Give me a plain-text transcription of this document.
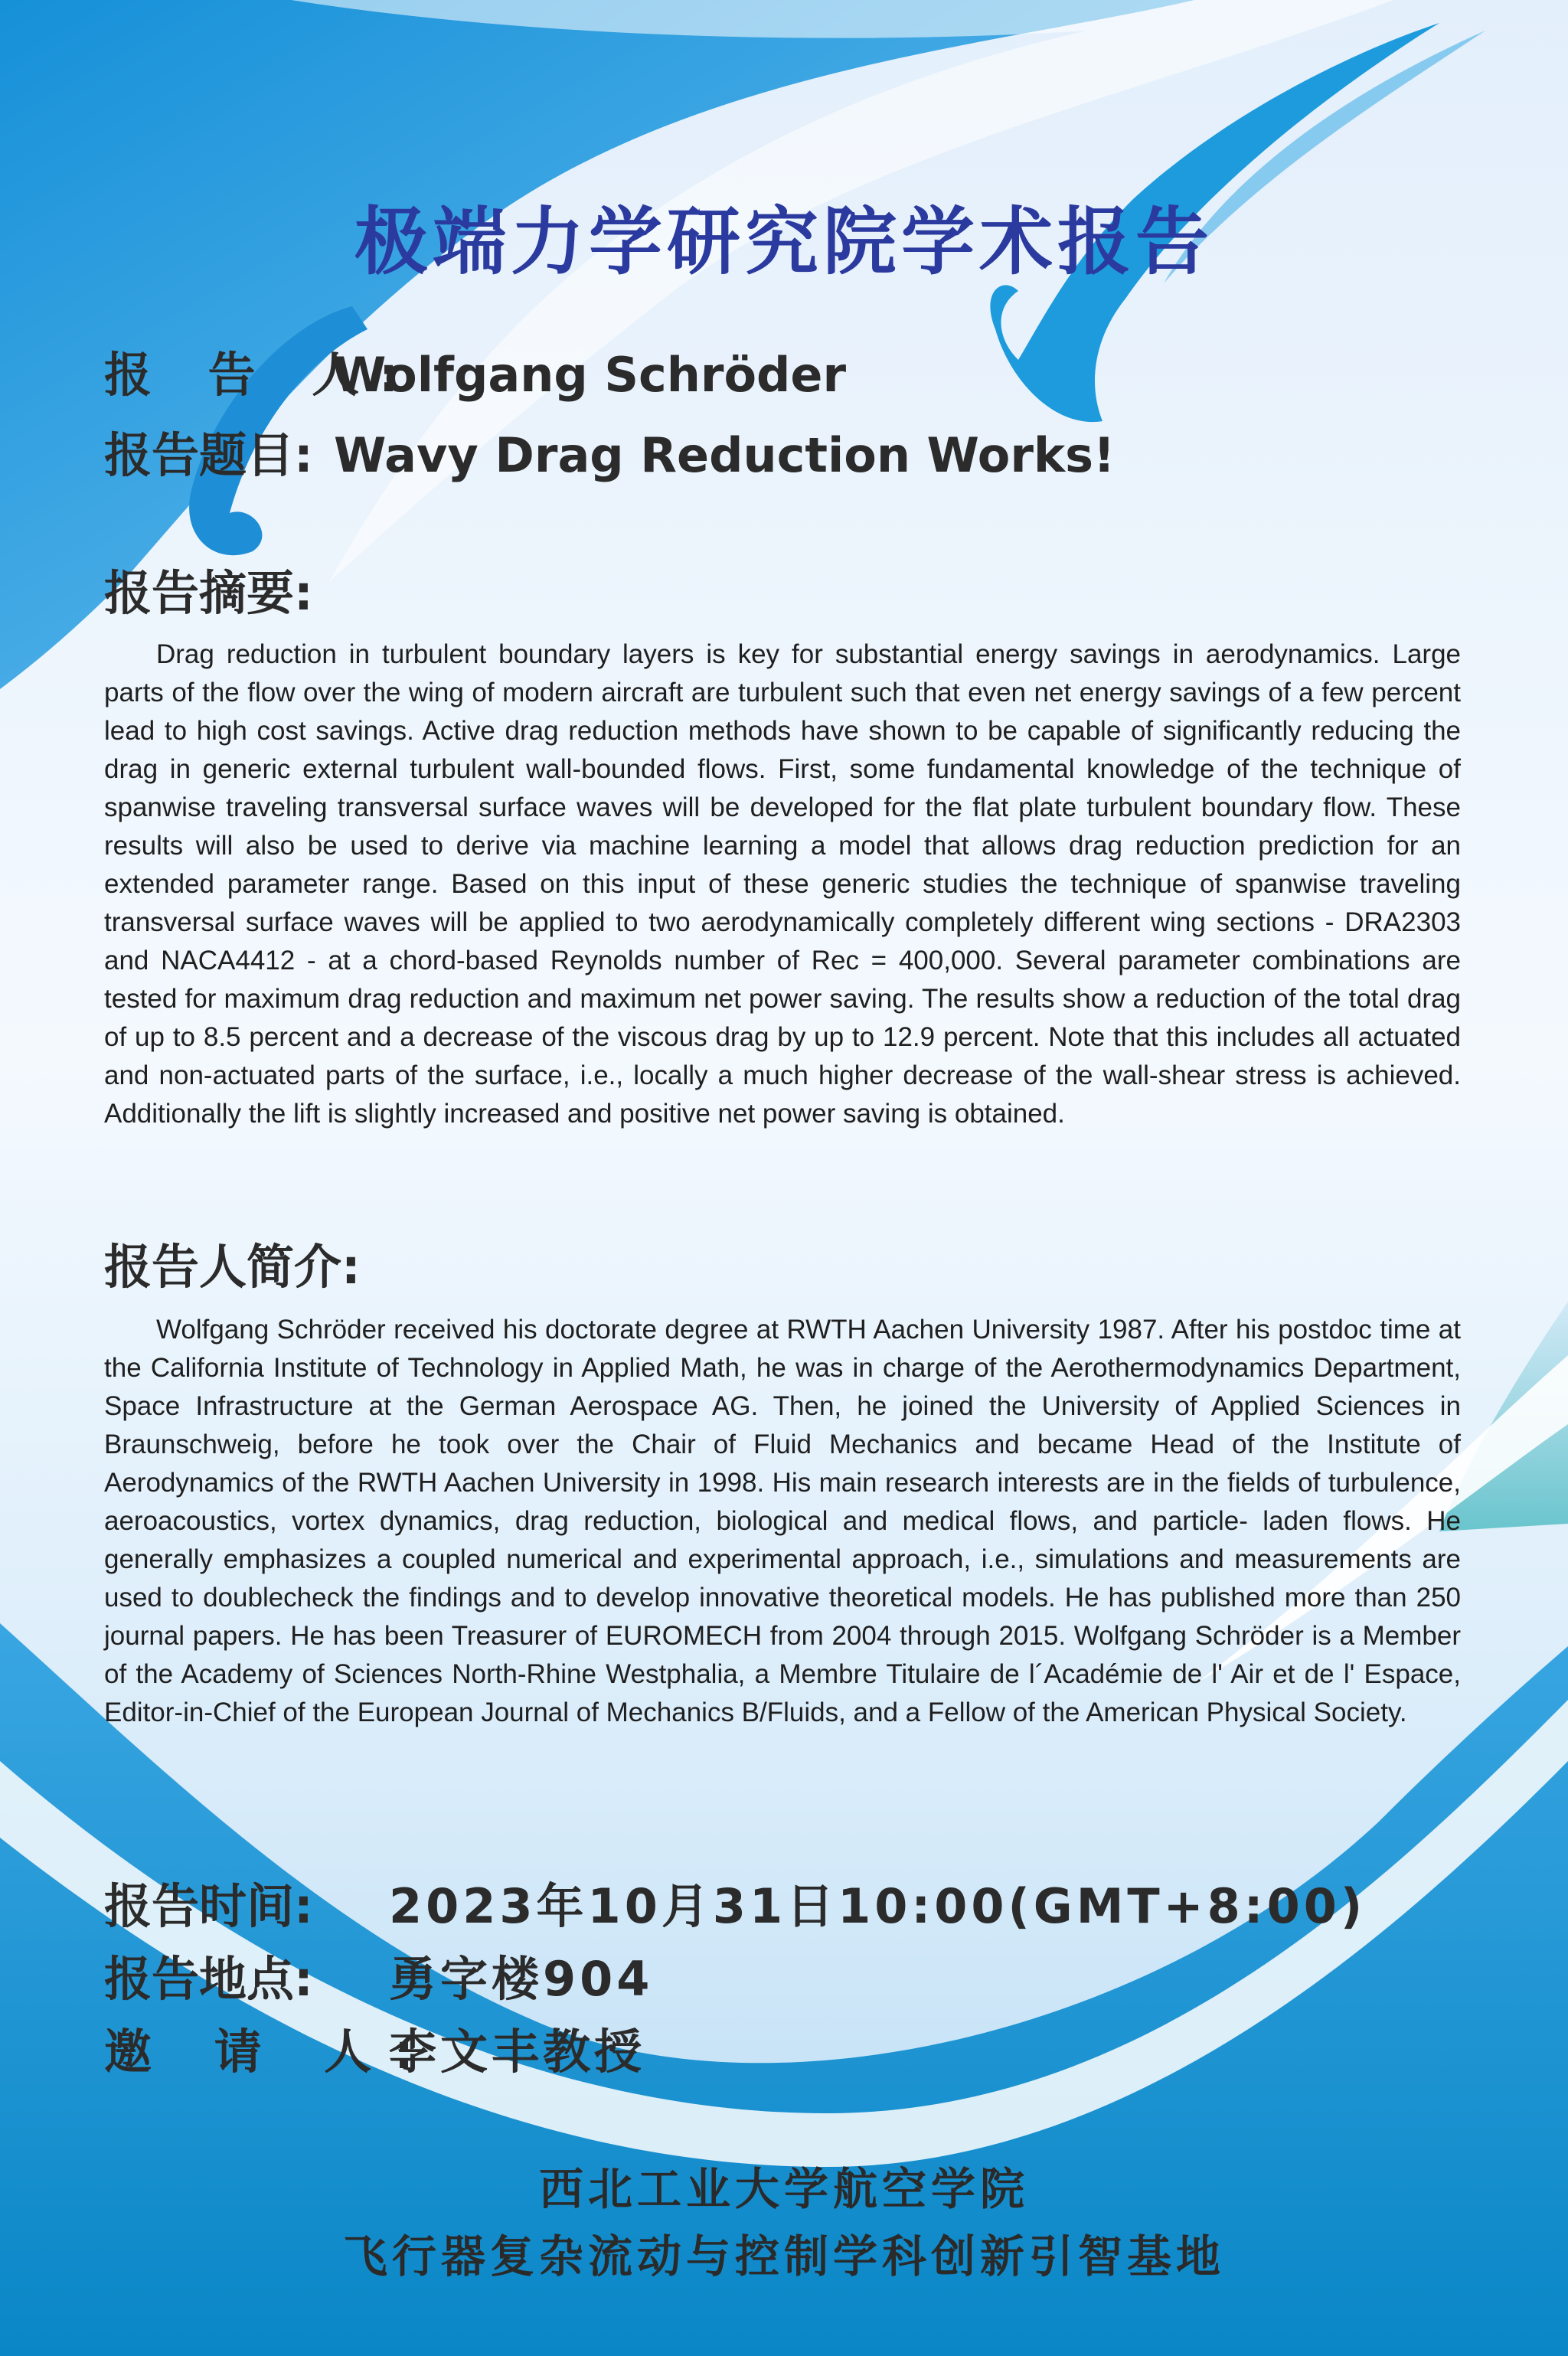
极端力学研究院学术报告
报 告 人:Wolfgang Schröder
报告题目: Wavy Drag Reduction Works!
报告摘要:

Drag reduction in turbulent boundary layers is key for substantial energy savings in aerodynamics. Large parts of the flow over the wing of modern aircraft are turbulent such that even net energy savings of a few percent lead to high cost savings. Active drag reduction methods have shown to be capable of significantly reducing the drag in generic external turbulent wall-bounded flows. First, some fundamental knowledge of the technique of spanwise traveling transversal surface waves will be developed for the flat plate turbulent boundary flow. These results will also be used to derive via machine learning a model that allows drag reduction prediction for an extended parameter range. Based on this input of these generic studies the technique of spanwise traveling transversal surface waves will be applied to two aerodynamically completely different wing sections - DRA2303 and NACA4412 - at a chord-based Reynolds number of Rec = 400,000. Several parameter combinations are tested for maximum drag reduction and maximum net power saving. The results show a reduction of the total drag of up to 8.5 percent and a decrease of the viscous drag by up to 12.9 percent. Note that this includes all actuated and non-actuated parts of the surface, i.e., locally a much higher decrease of the wall-shear stress is achieved. Additionally the lift is slightly increased and positive net power saving is obtained.

报告人简介:

Wolfgang Schröder received his doctorate degree at RWTH Aachen University 1987. After his postdoc time at the California Institute of Technology in Applied Math, he was in charge of the Aerothermodynamics Department, Space Infrastructure at the German Aerospace AG. Then, he joined the University of Applied Sciences in Braunschweig, before he took over the Chair of Fluid Mechanics and became Head of the Institute of Aerodynamics of the RWTH Aachen University in 1998. His main research interests are in the fields of turbulence, aeroacoustics, vortex dynamics, drag reduction, biological and medical flows, and particle- laden flows. He generally emphasizes a coupled numerical and experimental approach, i.e., simulations and measurements are used to doublecheck the findings and to develop innovative theoretical models. He has published more than 250 journal papers. He has been Treasurer of EUROMECH from 2004 through 2015. Wolfgang Schröder is a Member of the Academy of Sciences North-Rhine Westphalia, a Membre Titulaire de l´Académie de l' Air et de l' Espace, Editor-in-Chief of the European Journal of Mechanics B/Fluids, and a Fellow of the American Physical Society.

报告时间: 2023年10月31日10:00(GMT+8:00)
报告地点: 勇字楼904
邀 请 人:李文丰教授
西北工业大学航空学院
飞行器复杂流动与控制学科创新引智基地
